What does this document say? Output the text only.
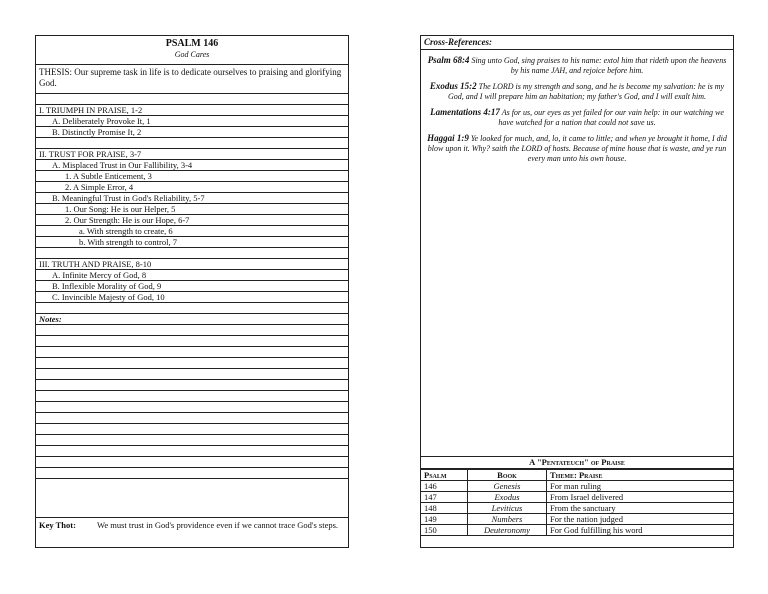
PSALM 146
God Cares
THESIS: Our supreme task in life is to dedicate ourselves to praising and glorifying God.
I. TRIUMPH IN PRAISE, 1-2
A. Deliberately Provoke It, 1
B. Distinctly Promise It, 2
II. TRUST FOR PRAISE, 3-7
A. Misplaced Trust in Our Fallibility, 3-4
1. A Subtle Enticement, 3
2. A Simple Error, 4
B. Meaningful Trust in God's Reliability, 5-7
1. Our Song: He is our Helper, 5
2. Our Strength: He is our Hope, 6-7
a. With strength to create, 6
b. With strength to control, 7
III. TRUTH AND PRAISE, 8-10
A. Infinite Mercy of God, 8
B. Inflexible Morality of God, 9
C. Invincible Majesty of God, 10
Notes:
Key Thot:	We must trust in God's providence even if we cannot trace God's steps.
Cross-References:
Psalm 68:4 Sing unto God, sing praises to his name: extol him that rideth upon the heavens by his name JAH, and rejoice before him.
Exodus 15:2 The LORD is my strength and song, and he is become my salvation: he is my God, and I will prepare him an habitation; my father's God, and I will exalt him.
Lamentations 4:17 As for us, our eyes as yet failed for our vain help: in our watching we have watched for a nation that could not save us.
Haggai 1:9 Ye looked for much, and, lo, it came to little; and when ye brought it home, I did blow upon it. Why? saith the LORD of hosts. Because of mine house that is waste, and ye run every man unto his own house.
A "Pentateuch" of Praise
Psalm	Book	Theme: Praise
146	Genesis	For man ruling
147	Exodus	From Israel delivered
148	Leviticus	From the sanctuary
149	Numbers	For the nation judged
150	Deuteronomy	For God fulfilling his word
